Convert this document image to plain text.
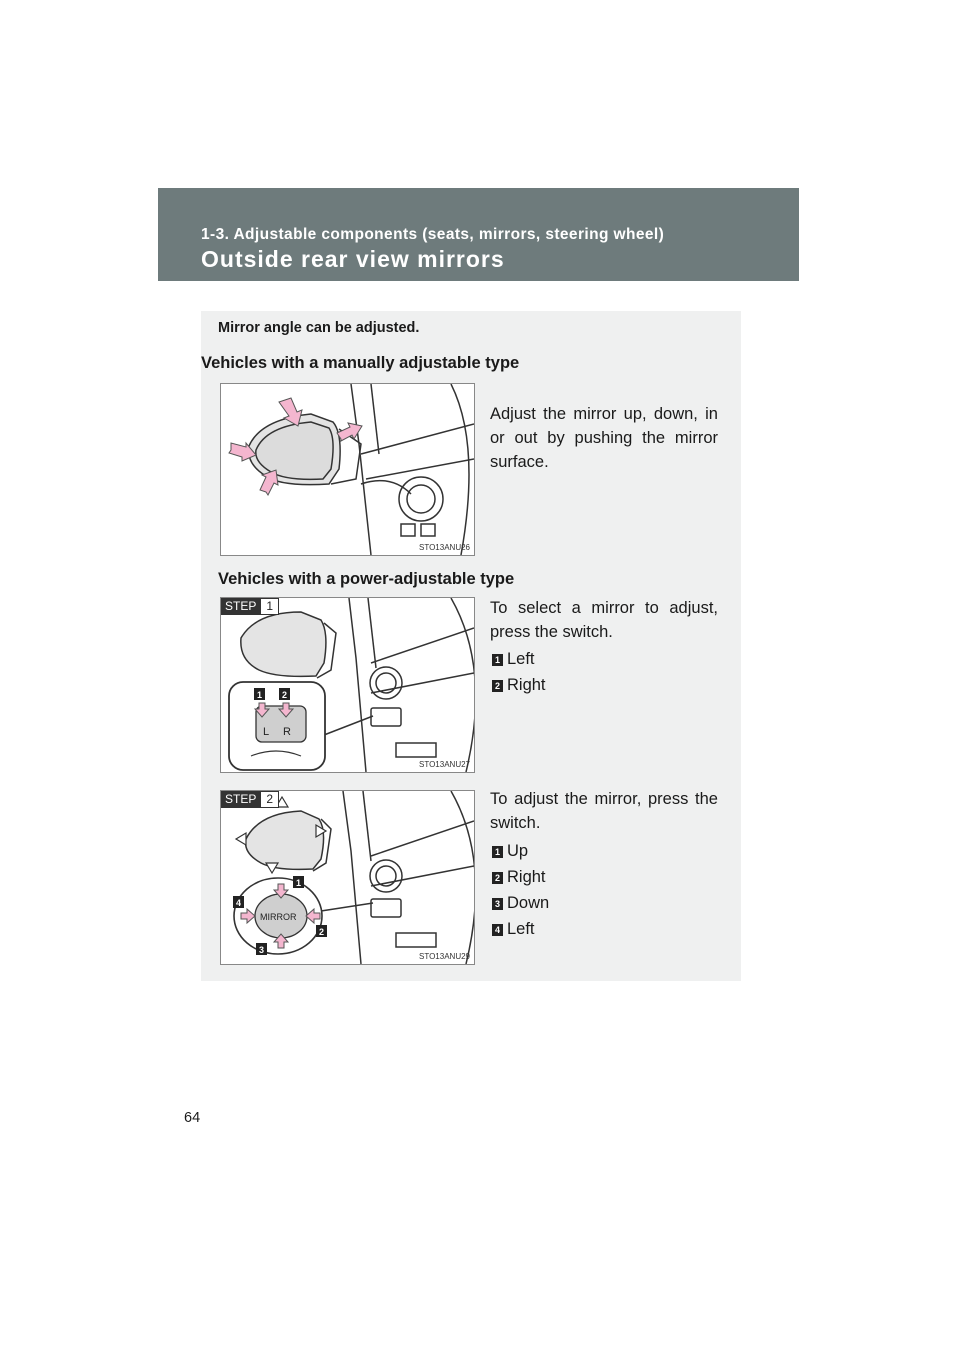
1-3. Adjustable components (seats, mirrors, steering wheel)
Outside rear view mirrors
Mirror angle can be adjusted.
Vehicles with a manually adjustable type
STO13ANU26
Adjust the mirror up, down, in or out by pushing the mirror surface.
Vehicles with a power-adjustable type
L R
1 2
STEP 1
STO13ANU27
To select a mirror to adjust, press the switch.
1 Left
2 Right
MIRROR
1
2
3
4
STEP 2
STO13ANU29
To adjust the mirror, press the switch.
1 Up
2 Right
3 Down
4 Left
64
